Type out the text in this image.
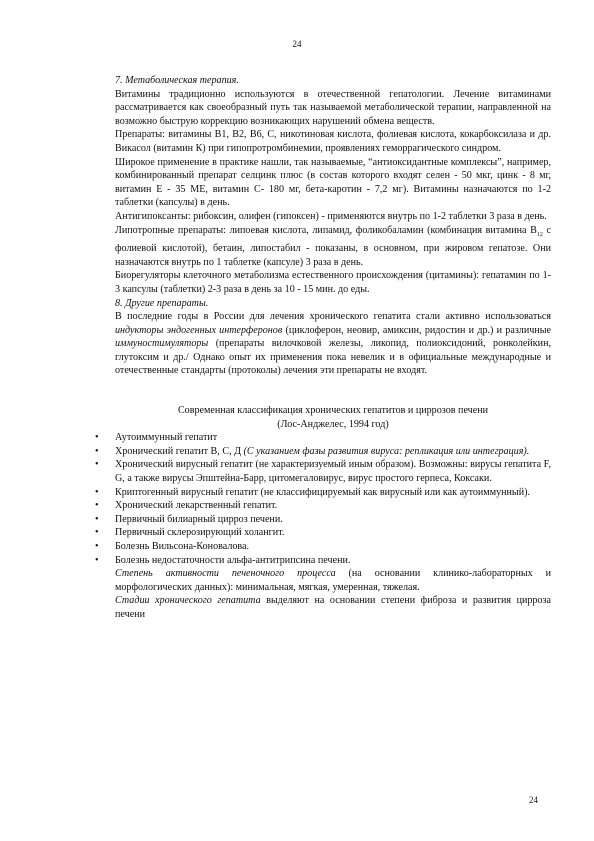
24

7. Метаболическая терапия.

Витамины традиционно используются в отечественной гепатологии. Лечение витаминами рассматривается как своеобразный путь так называемой метаболической терапии, направленной на возможно быструю коррекцию возникающих нарушений обмена веществ.

Препараты: витамины В1, В2, В6, С, никотиновая кислота, фолиевая кислота, кокарбоксилаза и др. Викасол (витамин К) при гипопротромбинемии, проявлениях геморрагического синдром.

Широкое применение в практике нашли, так называемые, “антиоксидантные комплексы”, например, комбинированный препарат селцинк плюс (в состав которого входят селен - 50 мкг, цинк - 8 мг, витамин Е - 35 МЕ, витамин С- 180 мг, бета-каротин - 7,2 мг). Витамины назначаются по 1-2 таблетки (капсулы) в день.

Антигипоксанты: рибоксин, олифен (гипоксен) - применяются внутрь по 1-2 таблетки 3 раза в день.

Липотропные препараты: липоевая кислота, липамид, фоликобаламин (комбинация витамина $В_{12}$ с фолиевой кислотой), бетаин, липостабил - показаны, в основном, при жировом гепатозе. Они назначаются внутрь по 1 таблетке (капсуле) 3 раза в день.

Биорегуляторы клеточного метаболизма естественного происхождения (цитамины): гепатамин по 1-3 капсулы (таблетки) 2-3 раза в день за 10 - 15 мин. до еды.

8. Другие препараты.

В последние годы в России для лечения хронического гепатита стали активно использоваться индукторы эндогенных интерферонов (циклоферон, неовир, амиксин, ридостин и др.) и различные иммуностимуляторы (препараты вилочковой железы, ликопид, полиоксидоний, ронколейкин, глутоксим и др./ Однако опыт их применения пока невелик и в официальные международные и отечественные стандарты (протоколы) лечения эти препараты не входят.

Современная классификация хронических гепатитов и циррозов печени

(Лос-Анджелес, 1994 год)

•	Аутоиммунный гепатит
•	Хронический гепатит В, С, Д (С указанием фазы развития вируса: репликация или интеграция).
•	Хронический вирусный гепатит (не характеризуемый иным образом). Возможны: вирусы гепатита F, G, а также вирусы Эпштейна-Барр, цитомегаловирус, вирус простого герпеса, Коксаки.
•	Криптогенный вирусный гепатит (не классифицируемый как вирусный или как аутоиммунный).
•	Хронический лекарственный гепатит.
•	Первичный билиарный цирроз печени.
•	Первичный склерозирующий холангит.
•	Болезнь Вильсона-Коновалова.
•	Болезнь недостаточности альфа-антитрипсина печени.

Степень активности печеночного процесса (на основании клинико-лабораторных и морфологических данных): минимальная, мягкая, умеренная, тяжелая.

Стадии хронического гепатита выделяют на основании степени фиброза и развития цирроза печени

24
